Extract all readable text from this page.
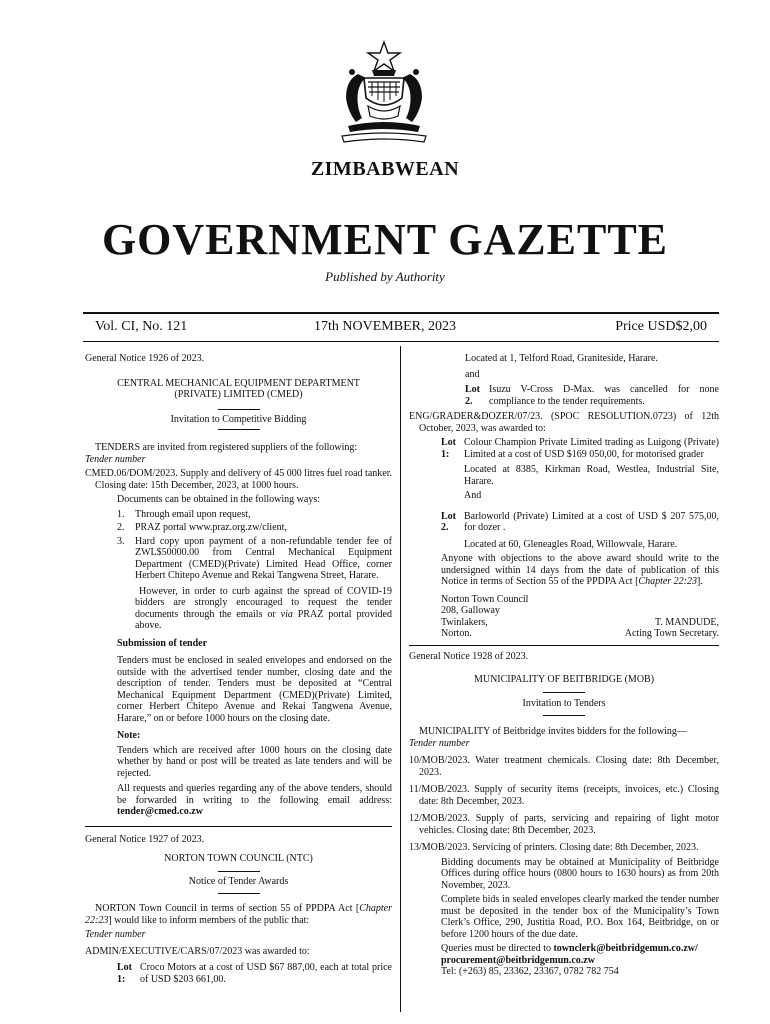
ZIMBABWEAN
GOVERNMENT GAZETTE
Published by Authority
Vol. CI, No. 121	17th NOVEMBER, 2023	Price USD$2,00

General Notice 1926 of 2023.

CENTRAL MECHANICAL EQUIPMENT DEPARTMENT (PRIVATE) LIMITED (CMED)

Invitation to Competitive Bidding

TENDERS are invited from registered suppliers of the following:

Tender number

CMED.06/DOM/2023. Supply and delivery of 45 000 litres fuel road tanker. Closing date: 15th December, 2023, at 1000 hours.

Documents can be obtained in the following ways:

1.	Through email upon request,
2.	PRAZ portal www.praz.org.zw/client,
3.	Hard copy upon payment of a non-refundable tender fee of ZWL$50000.00 from Central Mechanical Equipment Department (CMED)(Private) Limited Head Office, corner Herbert Chitepo Avenue and Rekai Tangwena Street, Harare.

However, in order to curb against the spread of COVID-19 bidders are strongly encouraged to request the tender documents through the emails or via PRAZ portal provided above.

Submission of tender

Tenders must be enclosed in sealed envelopes and endorsed on the outside with the advertised tender number, closing date and the description of tender. Tenders must be deposited at “Central Mechanical Equipment Department (CMED)(Private) Limited, corner Herbert Chitepo Avenue and Rekai Tangwena Avenue, Harare,” on or before 1000 hours on the closing date.

Note:

Tenders which are received after 1000 hours on the closing date whether by hand or post will be treated as late tenders and will be rejected.

All requests and queries regarding any of the above tenders, should be forwarded in writing to the following email address: tender@cmed.co.zw

General Notice 1927 of 2023.

NORTON TOWN COUNCIL (NTC)

Notice of Tender Awards

NORTON Town Council in terms of section 55 of PPDPA Act [Chapter 22:23] would like to inform members of the public that:

Tender number

ADMIN/EXECUTIVE/CARS/07/2023 was awarded to:

Lot 1:
Croco Motors at a cost of USD $67 887,00, each at total price of USD $203 661,00.

Located at 1, Telford Road, Graniteside, Harare.

and

Lot 2.
Isuzu V-Cross D-Max. was cancelled for none compliance to the tender requirements.

ENG/GRADER&DOZER/07/23. (SPOC RESOLUTION.0723) of 12th October, 2023, was awarded to:

Lot 1:
Colour Champion Private Limited trading as Luigong (Private) Limited at a cost of USD $169 050,00, for motorised grader

Located at 8385, Kirkman Road, Westlea, Industrial Site, Harare.

And

Lot 2.
Barloworld (Private) Limited at a cost of USD $ 207 575,00, for dozer .

Located at 60, Gleneagles Road, Willowvale, Harare.

Anyone with objections to the above award should write to the undersigned within 14 days from the date of publication of this Notice in terms of Section 55 of the PPDPA Act [Chapter 22:23].

Norton Town Council

208, Galloway

Twinlakers,	T. MANDUDE,
Norton.	Acting Town Secretary.

General Notice 1928 of 2023.

MUNICIPALITY OF BEITBRIDGE (MOB)

Invitation to Tenders

MUNICIPALITY of Beitbridge invites bidders for the following—

Tender number

10/MOB/2023. Water treatment chemicals. Closing date: 8th December, 2023.

11/MOB/2023. Supply of security items (receipts, invoices, etc.) Closing date: 8th December, 2023.

12/MOB/2023. Supply of parts, servicing and repairing of light motor vehicles. Closing date: 8th December, 2023.

13/MOB/2023. Servicing of printers. Closing date: 8th December, 2023.

Bidding documents may be obtained at Municipality of Beitbridge Offices during office hours (0800 hours to 1630 hours) as from 20th November, 2023.

Complete bids in sealed envelopes clearly marked the tender number must be deposited in the tender box of the Municipality’s Town Clerk’s Office, 290, Justitia Road, P.O. Box 164, Beitbridge, on or before 1200 hours of the due date.

Queries must be directed to townclerk@beitbridgemun.co.zw/ procurement@beitbridgemun.co.zw

Tel: (+263) 85, 23362, 23367, 0782 782 754
